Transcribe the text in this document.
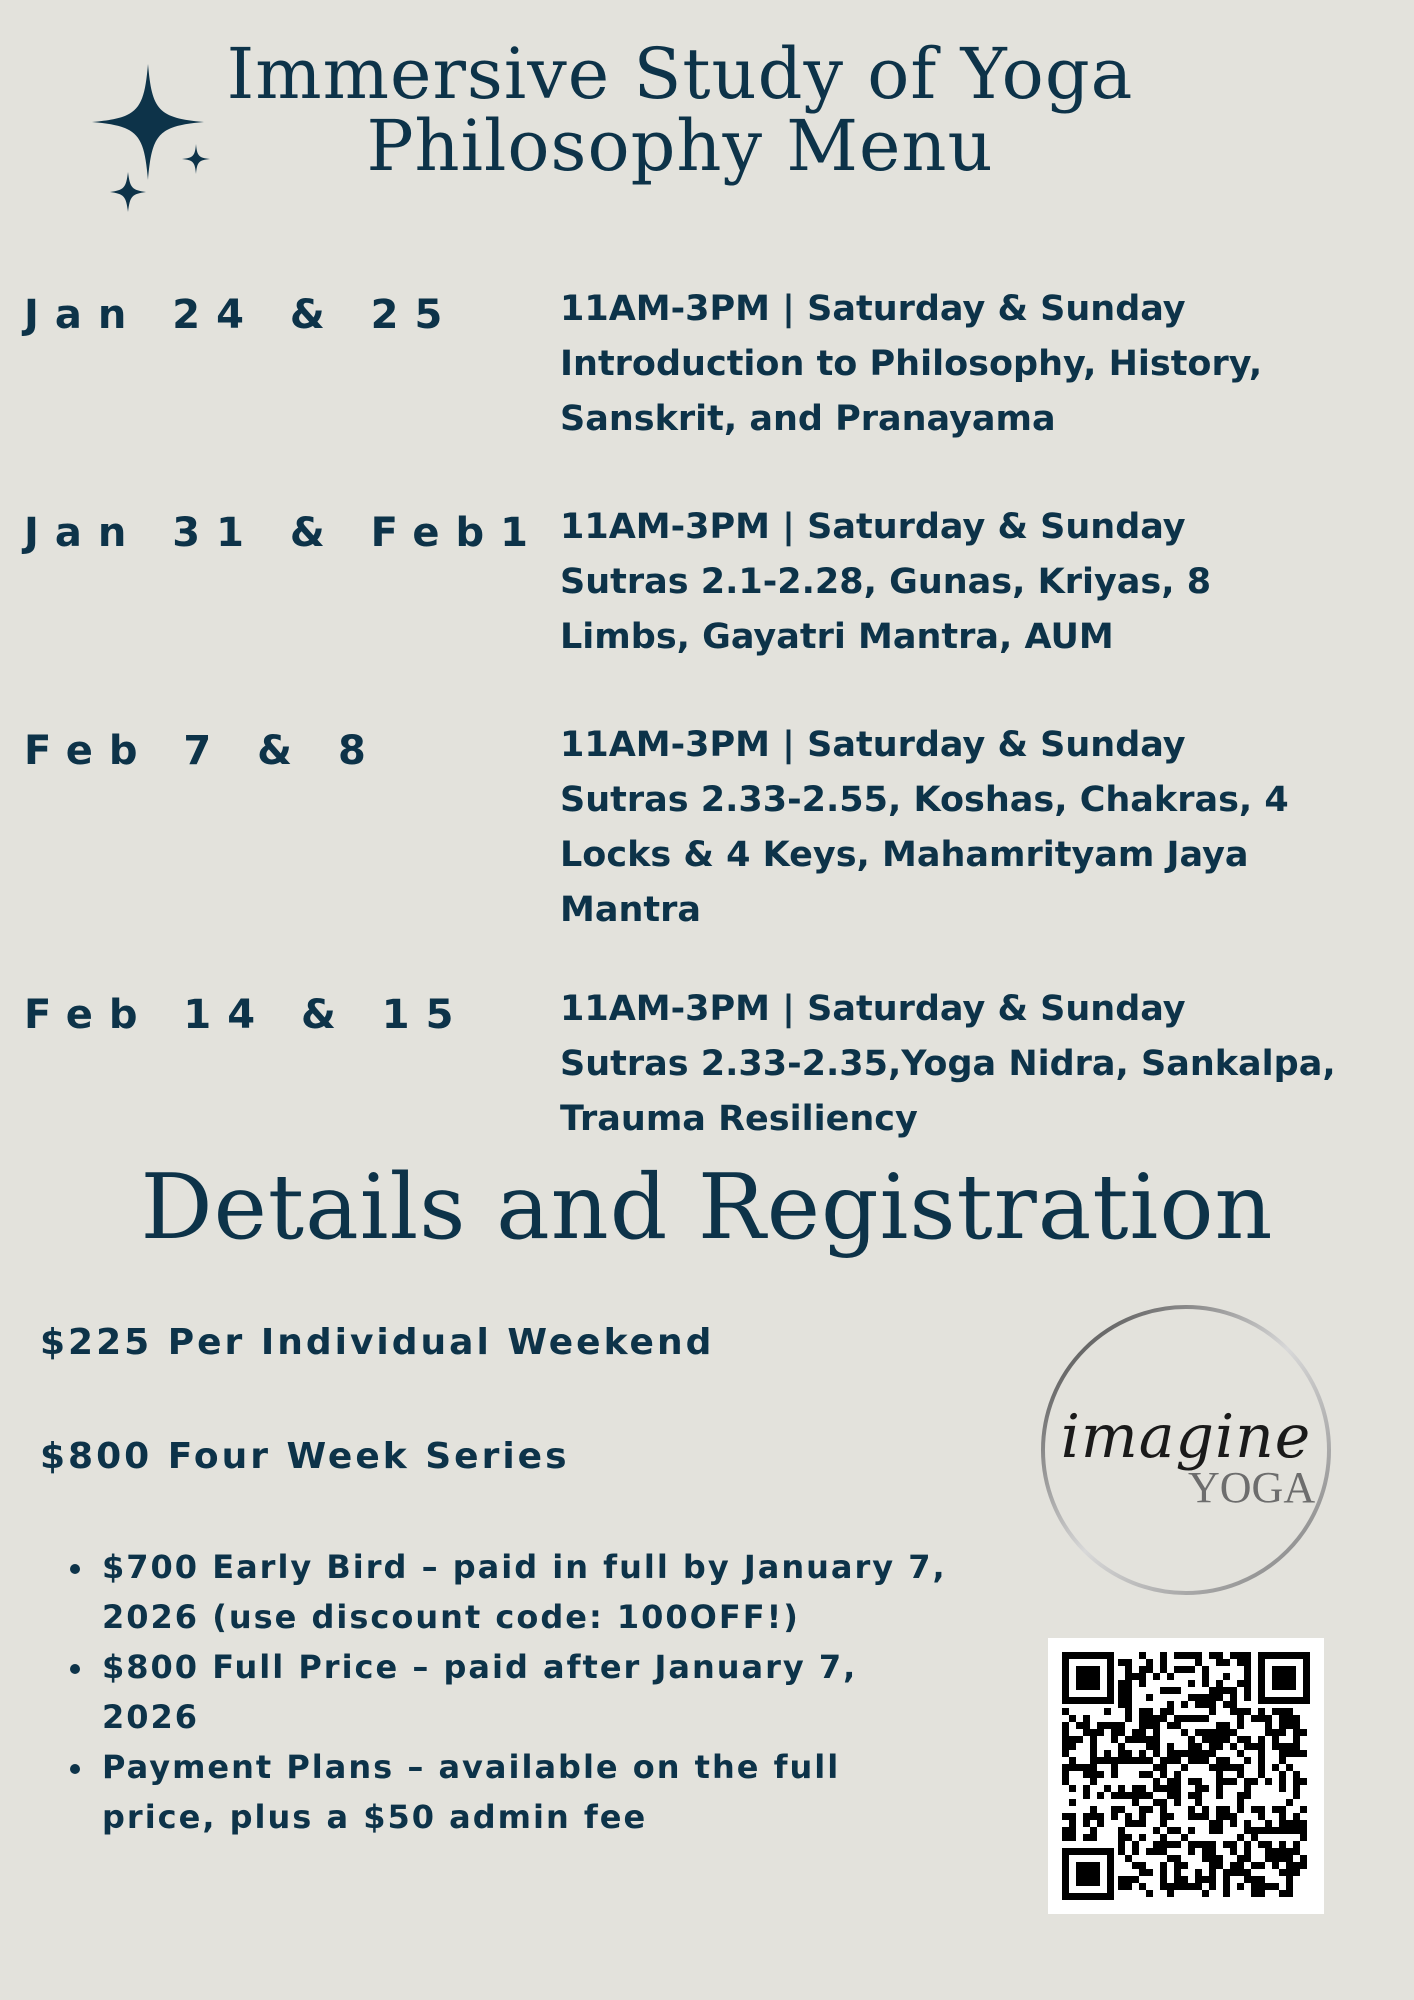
Immersive Study of Yoga
Philosophy Menu
Jan 24 & 25	11AM-3PM | Saturday & Sunday
Introduction to Philosophy, History,
Sanskrit, and Pranayama
Jan 31 & Feb1 11AM-3PM | Saturday & Sunday
Sutras 2.1-2.28, Gunas, Kriyas, 8
Limbs, Gayatri Mantra, AUM
Feb 7 & 8	11AM-3PM | Saturday & Sunday
Sutras 2.33-2.55, Koshas, Chakras, 4
Locks & 4 Keys, Mahamrityam Jaya
Mantra
Feb 14 & 15	11AM-3PM | Saturday & Sunday
Sutras 2.33-2.35,Yoga Nidra, Sankalpa,
Trauma Resiliency
Details and Registration
$225 Per Individual Weekend
$800 Four Week Series
$700 Early Bird – paid in full by January 7,
2026 (use discount code: 100OFF!)
$800 Full Price – paid after January 7,
2026
Payment Plans – available on the full
price, plus a $50 admin fee
imagine
YOGA
